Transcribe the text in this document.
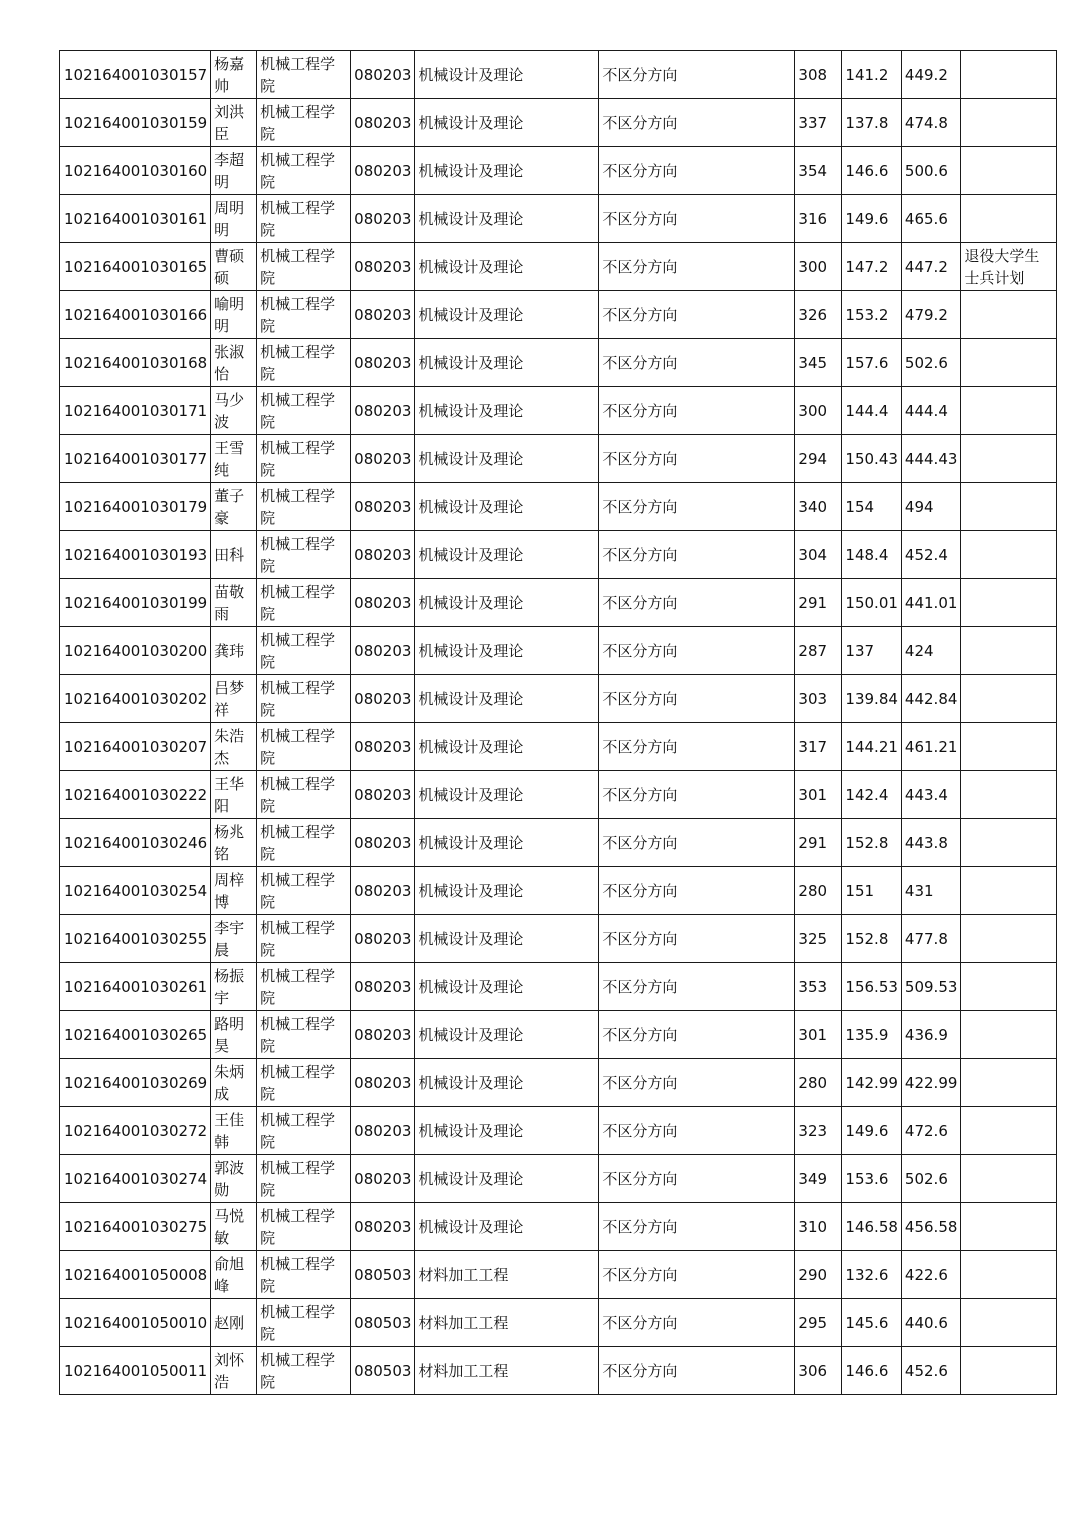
102164001030157	杨嘉帅	机械工程学院	080203	机械设计及理论	不区分方向	308	141.2	449.2	
102164001030159	刘洪臣	机械工程学院	080203	机械设计及理论	不区分方向	337	137.8	474.8	
102164001030160	李超明	机械工程学院	080203	机械设计及理论	不区分方向	354	146.6	500.6	
102164001030161	周明明	机械工程学院	080203	机械设计及理论	不区分方向	316	149.6	465.6	
102164001030165	曹硕硕	机械工程学院	080203	机械设计及理论	不区分方向	300	147.2	447.2	退役大学生士兵计划
102164001030166	喻明明	机械工程学院	080203	机械设计及理论	不区分方向	326	153.2	479.2	
102164001030168	张淑怡	机械工程学院	080203	机械设计及理论	不区分方向	345	157.6	502.6	
102164001030171	马少波	机械工程学院	080203	机械设计及理论	不区分方向	300	144.4	444.4	
102164001030177	王雪纯	机械工程学院	080203	机械设计及理论	不区分方向	294	150.43	444.43	
102164001030179	董子豪	机械工程学院	080203	机械设计及理论	不区分方向	340	154	494	
102164001030193	田科	机械工程学院	080203	机械设计及理论	不区分方向	304	148.4	452.4	
102164001030199	苗敬雨	机械工程学院	080203	机械设计及理论	不区分方向	291	150.01	441.01	
102164001030200	龚玮	机械工程学院	080203	机械设计及理论	不区分方向	287	137	424	
102164001030202	吕梦祥	机械工程学院	080203	机械设计及理论	不区分方向	303	139.84	442.84	
102164001030207	朱浩杰	机械工程学院	080203	机械设计及理论	不区分方向	317	144.21	461.21	
102164001030222	王华阳	机械工程学院	080203	机械设计及理论	不区分方向	301	142.4	443.4	
102164001030246	杨兆铭	机械工程学院	080203	机械设计及理论	不区分方向	291	152.8	443.8	
102164001030254	周梓博	机械工程学院	080203	机械设计及理论	不区分方向	280	151	431	
102164001030255	李宇晨	机械工程学院	080203	机械设计及理论	不区分方向	325	152.8	477.8	
102164001030261	杨振宇	机械工程学院	080203	机械设计及理论	不区分方向	353	156.53	509.53	
102164001030265	路明昊	机械工程学院	080203	机械设计及理论	不区分方向	301	135.9	436.9	
102164001030269	朱炳成	机械工程学院	080203	机械设计及理论	不区分方向	280	142.99	422.99	
102164001030272	王佳韩	机械工程学院	080203	机械设计及理论	不区分方向	323	149.6	472.6	
102164001030274	郭波勋	机械工程学院	080203	机械设计及理论	不区分方向	349	153.6	502.6	
102164001030275	马悦敏	机械工程学院	080203	机械设计及理论	不区分方向	310	146.58	456.58	
102164001050008	俞旭峰	机械工程学院	080503	材料加工工程	不区分方向	290	132.6	422.6	
102164001050010	赵刚	机械工程学院	080503	材料加工工程	不区分方向	295	145.6	440.6	
102164001050011	刘怀浩	机械工程学院	080503	材料加工工程	不区分方向	306	146.6	452.6	
